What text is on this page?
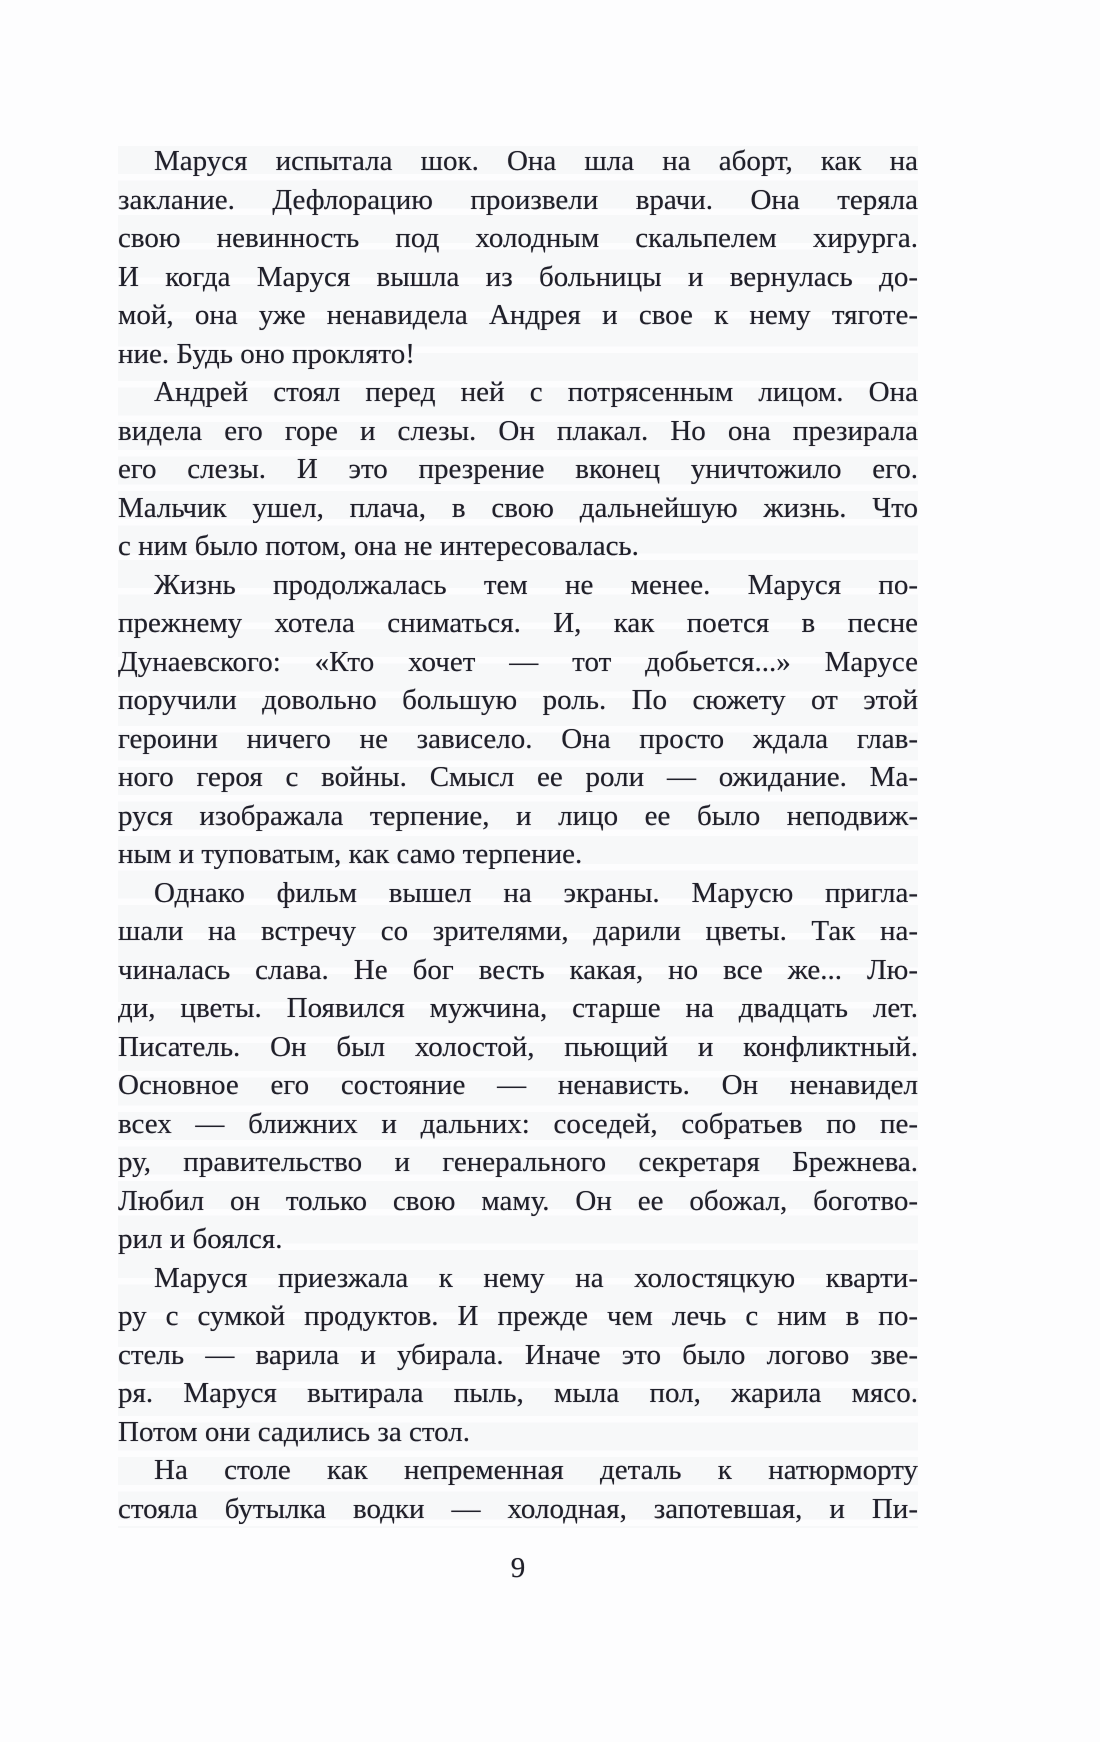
Маруся испытала шок. Она шла на аборт, как на
заклание. Дефлорацию произвели врачи. Она теряла
свою невинность под холодным скальпелем хирурга.
И когда Маруся вышла из больницы и вернулась до-
мой, она уже ненавидела Андрея и свое к нему тяготе-
ние. Будь оно проклято!
Андрей стоял перед ней с потрясенным лицом. Она
видела его горе и слезы. Он плакал. Но она презирала
его слезы. И это презрение вконец уничтожило его.
Мальчик ушел, плача, в свою дальнейшую жизнь. Что
с ним было потом, она не интересовалась.
Жизнь продолжалась тем не менее. Маруся по-
прежнему хотела сниматься. И, как поется в песне
Дунаевского: «Кто хочет — тот добьется...» Марусе
поручили довольно большую роль. По сюжету от этой
героини ничего не зависело. Она просто ждала глав-
ного героя с войны. Смысл ее роли — ожидание. Ма-
руся изображала терпение, и лицо ее было неподвиж-
ным и туповатым, как само терпение.
Однако фильм вышел на экраны. Марусю пригла-
шали на встречу со зрителями, дарили цветы. Так на-
чиналась слава. Не бог весть какая, но все же... Лю-
ди, цветы. Появился мужчина, старше на двадцать лет.
Писатель. Он был холостой, пьющий и конфликтный.
Основное его состояние — ненависть. Он ненавидел
всех — ближних и дальних: соседей, собратьев по пе-
ру, правительство и генерального секретаря Брежнева.
Любил он только свою маму. Он ее обожал, боготво-
рил и боялся.
Маруся приезжала к нему на холостяцкую кварти-
ру с сумкой продуктов. И прежде чем лечь с ним в по-
стель — варила и убирала. Иначе это было логово зве-
ря. Маруся вытирала пыль, мыла пол, жарила мясо.
Потом они садились за стол.
На столе как непременная деталь к натюрморту
стояла бутылка водки — холодная, запотевшая, и Пи-
9
